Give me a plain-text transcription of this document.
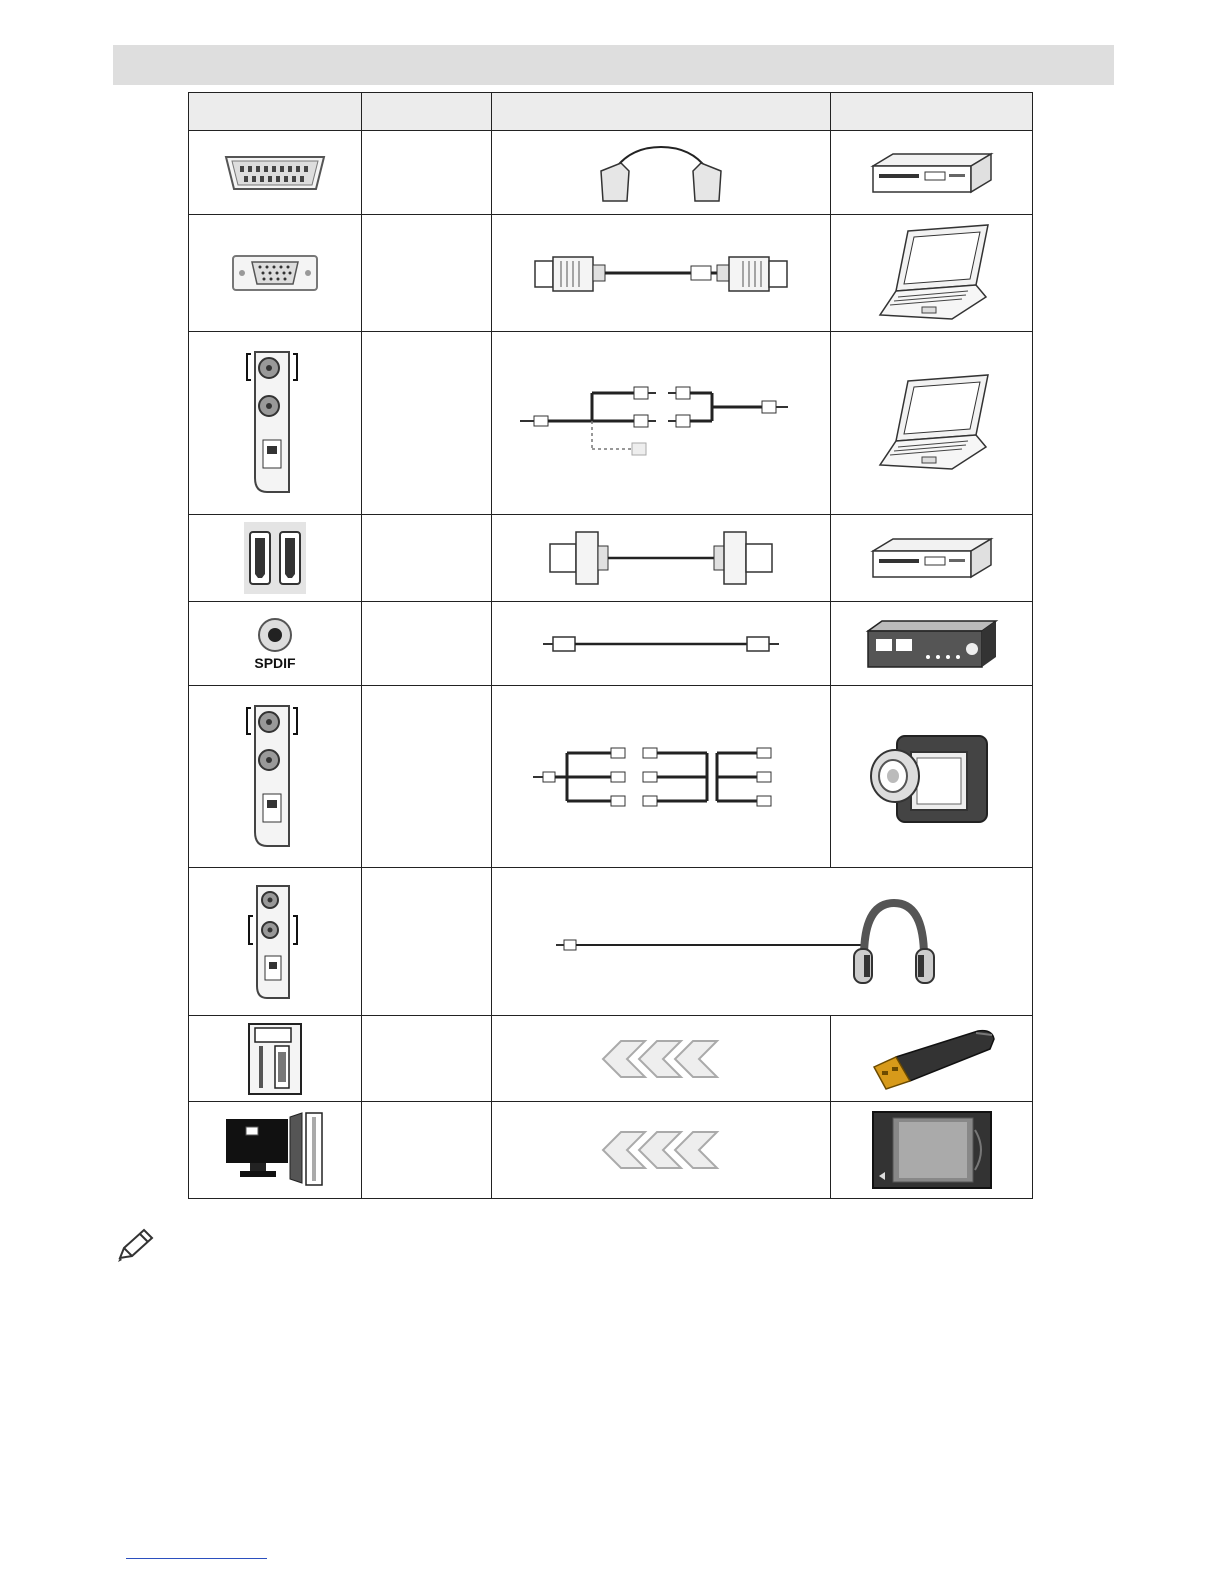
SPDIF
